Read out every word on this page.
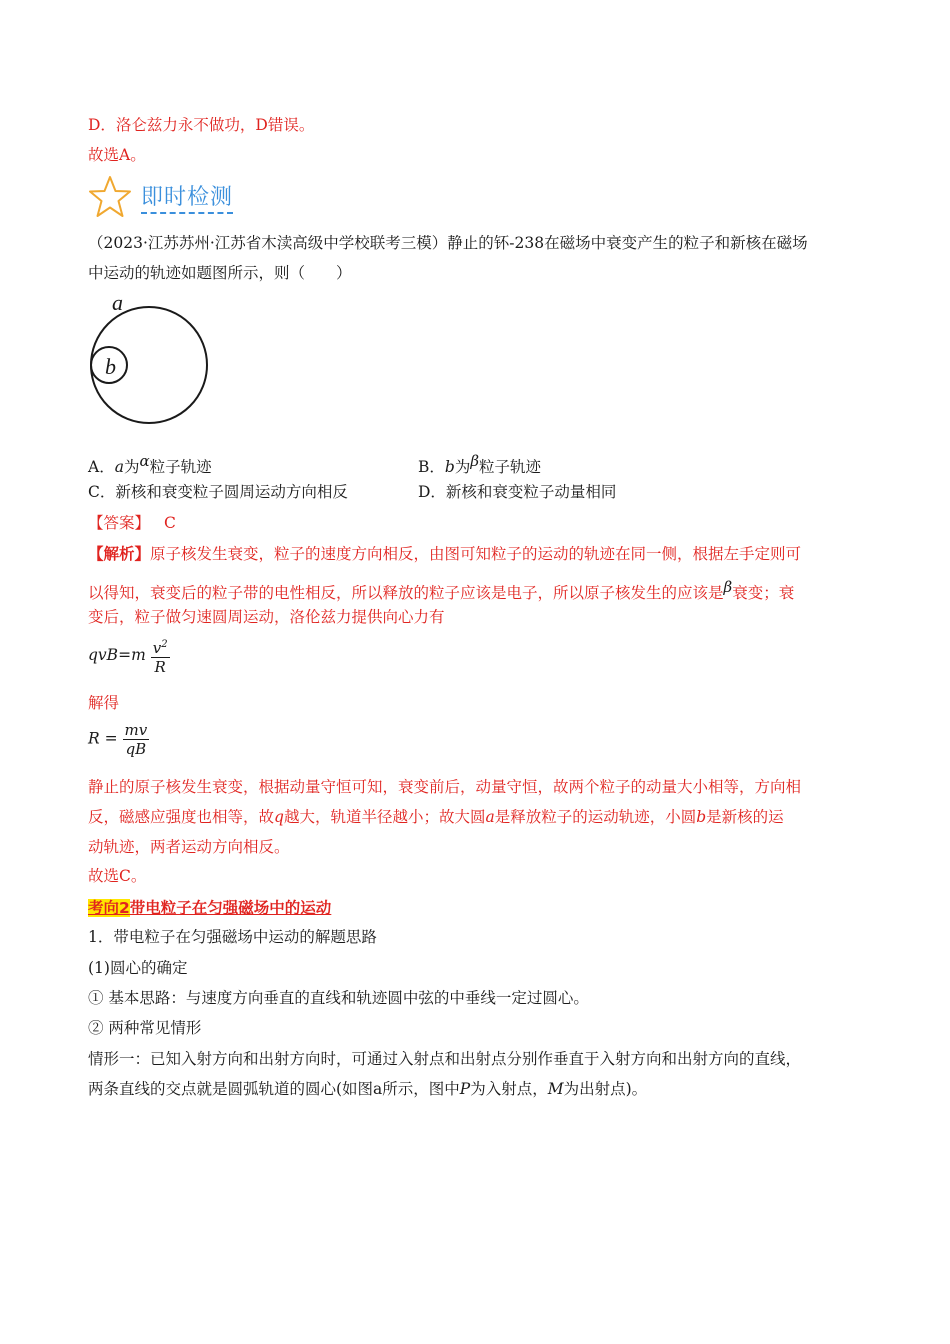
D．洛仑兹力永不做功，D错误。
故选A。
即时检测
（2023·江苏苏州·江苏省木渎高级中学校联考三模）静止的钚-238在磁场中衰变产生的粒子和新核在磁场
中运动的轨迹如题图所示，则（　　）
a
b
A．a为$^\alpha$粒子轨迹	B．b为$^\beta$粒子轨迹
C．新核和衰变粒子圆周运动方向相反	D．新核和衰变粒子动量相同
【答案】 C
【解析】原子核发生衰变，粒子的速度方向相反，由图可知粒子的运动的轨迹在同一侧，根据左手定则可
以得知，衰变后的粒子带的电性相反，所以释放的粒子应该是电子，所以原子核发生的应该是$^\beta$衰变；衰
变后，粒子做匀速圆周运动，洛伦兹力提供向心力有
$qvB=m \frac{v^2}{R}$
解得
$R = \frac{mv}{qB}$
静止的原子核发生衰变，根据动量守恒可知，衰变前后，动量守恒，故两个粒子的动量大小相等，方向相
反，磁感应强度也相等，故q越大，轨道半径越小；故大圆a是释放粒子的运动轨迹，小圆b是新核的运
动轨迹，两者运动方向相反。
故选C。
考向2带电粒子在匀强磁场中的运动
1．带电粒子在匀强磁场中运动的解题思路
(1)圆心的确定
① 基本思路：与速度方向垂直的直线和轨迹圆中弦的中垂线一定过圆心。
② 两种常见情形
情形一：已知入射方向和出射方向时，可通过入射点和出射点分别作垂直于入射方向和出射方向的直线，
两条直线的交点就是圆弧轨道的圆心(如图a所示，图中P为入射点，M为出射点)。
